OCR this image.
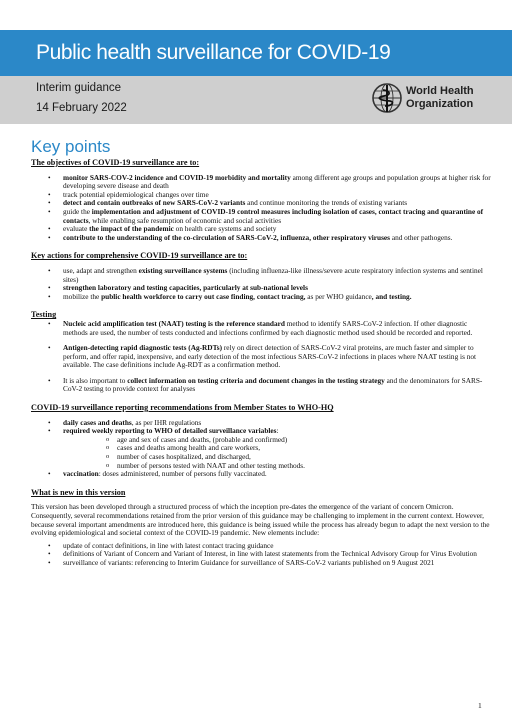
Public health surveillance for COVID-19
Interim guidance
14 February 2022
World Health
Organization
Key points
The objectives of COVID-19 surveillance are to:
• monitor SARS-COV-2 incidence and COVID-19 morbidity and mortality among different age groups and population groups at higher risk for developing severe disease and death
• track potential epidemiological changes over time
• detect and contain outbreaks of new SARS-CoV-2 variants and continue monitoring the trends of existing variants
• guide the implementation and adjustment of COVID-19 control measures including isolation of cases, contact tracing and quarantine of contacts, while enabling safe resumption of economic and social activities
• evaluate the impact of the pandemic on health care systems and society
• contribute to the understanding of the co-circulation of SARS-CoV-2, influenza, other respiratory viruses and other pathogens.
Key actions for comprehensive COVID-19 surveillance are to:
• use, adapt and strengthen existing surveillance systems (including influenza-like illness/severe acute respiratory infection systems and sentinel sites)
• strengthen laboratory and testing capacities, particularly at sub-national levels
• mobilize the public health workforce to carry out case finding, contact tracing, as per WHO guidance, and testing.
Testing
• Nucleic acid amplification test (NAAT) testing is the reference standard method to identify SARS-CoV-2 infection. If other diagnostic methods are used, the number of tests conducted and infections confirmed by each diagnostic method used should be recorded and reported.
• Antigen-detecting rapid diagnostic tests (Ag-RDTs) rely on direct detection of SARS-CoV-2 viral proteins, are much faster and simpler to perform, and offer rapid, inexpensive, and early detection of the most infectious SARS-CoV-2 infections in places where NAAT testing is not available. The case definitions include Ag-RDT as a confirmation method.
• It is also important to collect information on testing criteria and document changes in the testing strategy and the denominators for SARS-CoV-2 testing to provide context for analyses
COVID-19 surveillance reporting recommendations from Member States to WHO-HQ
• daily cases and deaths, as per IHR regulations
• required weekly reporting to WHO of detailed surveillance variables:
o age and sex of cases and deaths, (probable and confirmed)
o cases and deaths among health and care workers,
o number of cases hospitalized, and discharged,
o number of persons tested with NAAT and other testing methods.
• vaccination: doses administered, number of persons fully vaccinated.
What is new in this version

This version has been developed through a structured process of which the inception pre-dates the emergence of the variant of concern Omicron. Consequently, several recommendations retained from the prior version of this guidance may be challenging to implement in the current context. However, because several important amendments are introduced here, this guidance is being issued while the process has already begun to adapt the next version to the evolving epidemiological and societal context of the COVID-19 pandemic. New elements include:

• update of contact definitions, in line with latest contact tracing guidance
• definitions of Variant of Concern and Variant of Interest, in line with latest statements from the Technical Advisory Group for Virus Evolution
• surveillance of variants: referencing to Interim Guidance for surveillance of SARS-CoV-2 variants published on 9 August 2021
1
